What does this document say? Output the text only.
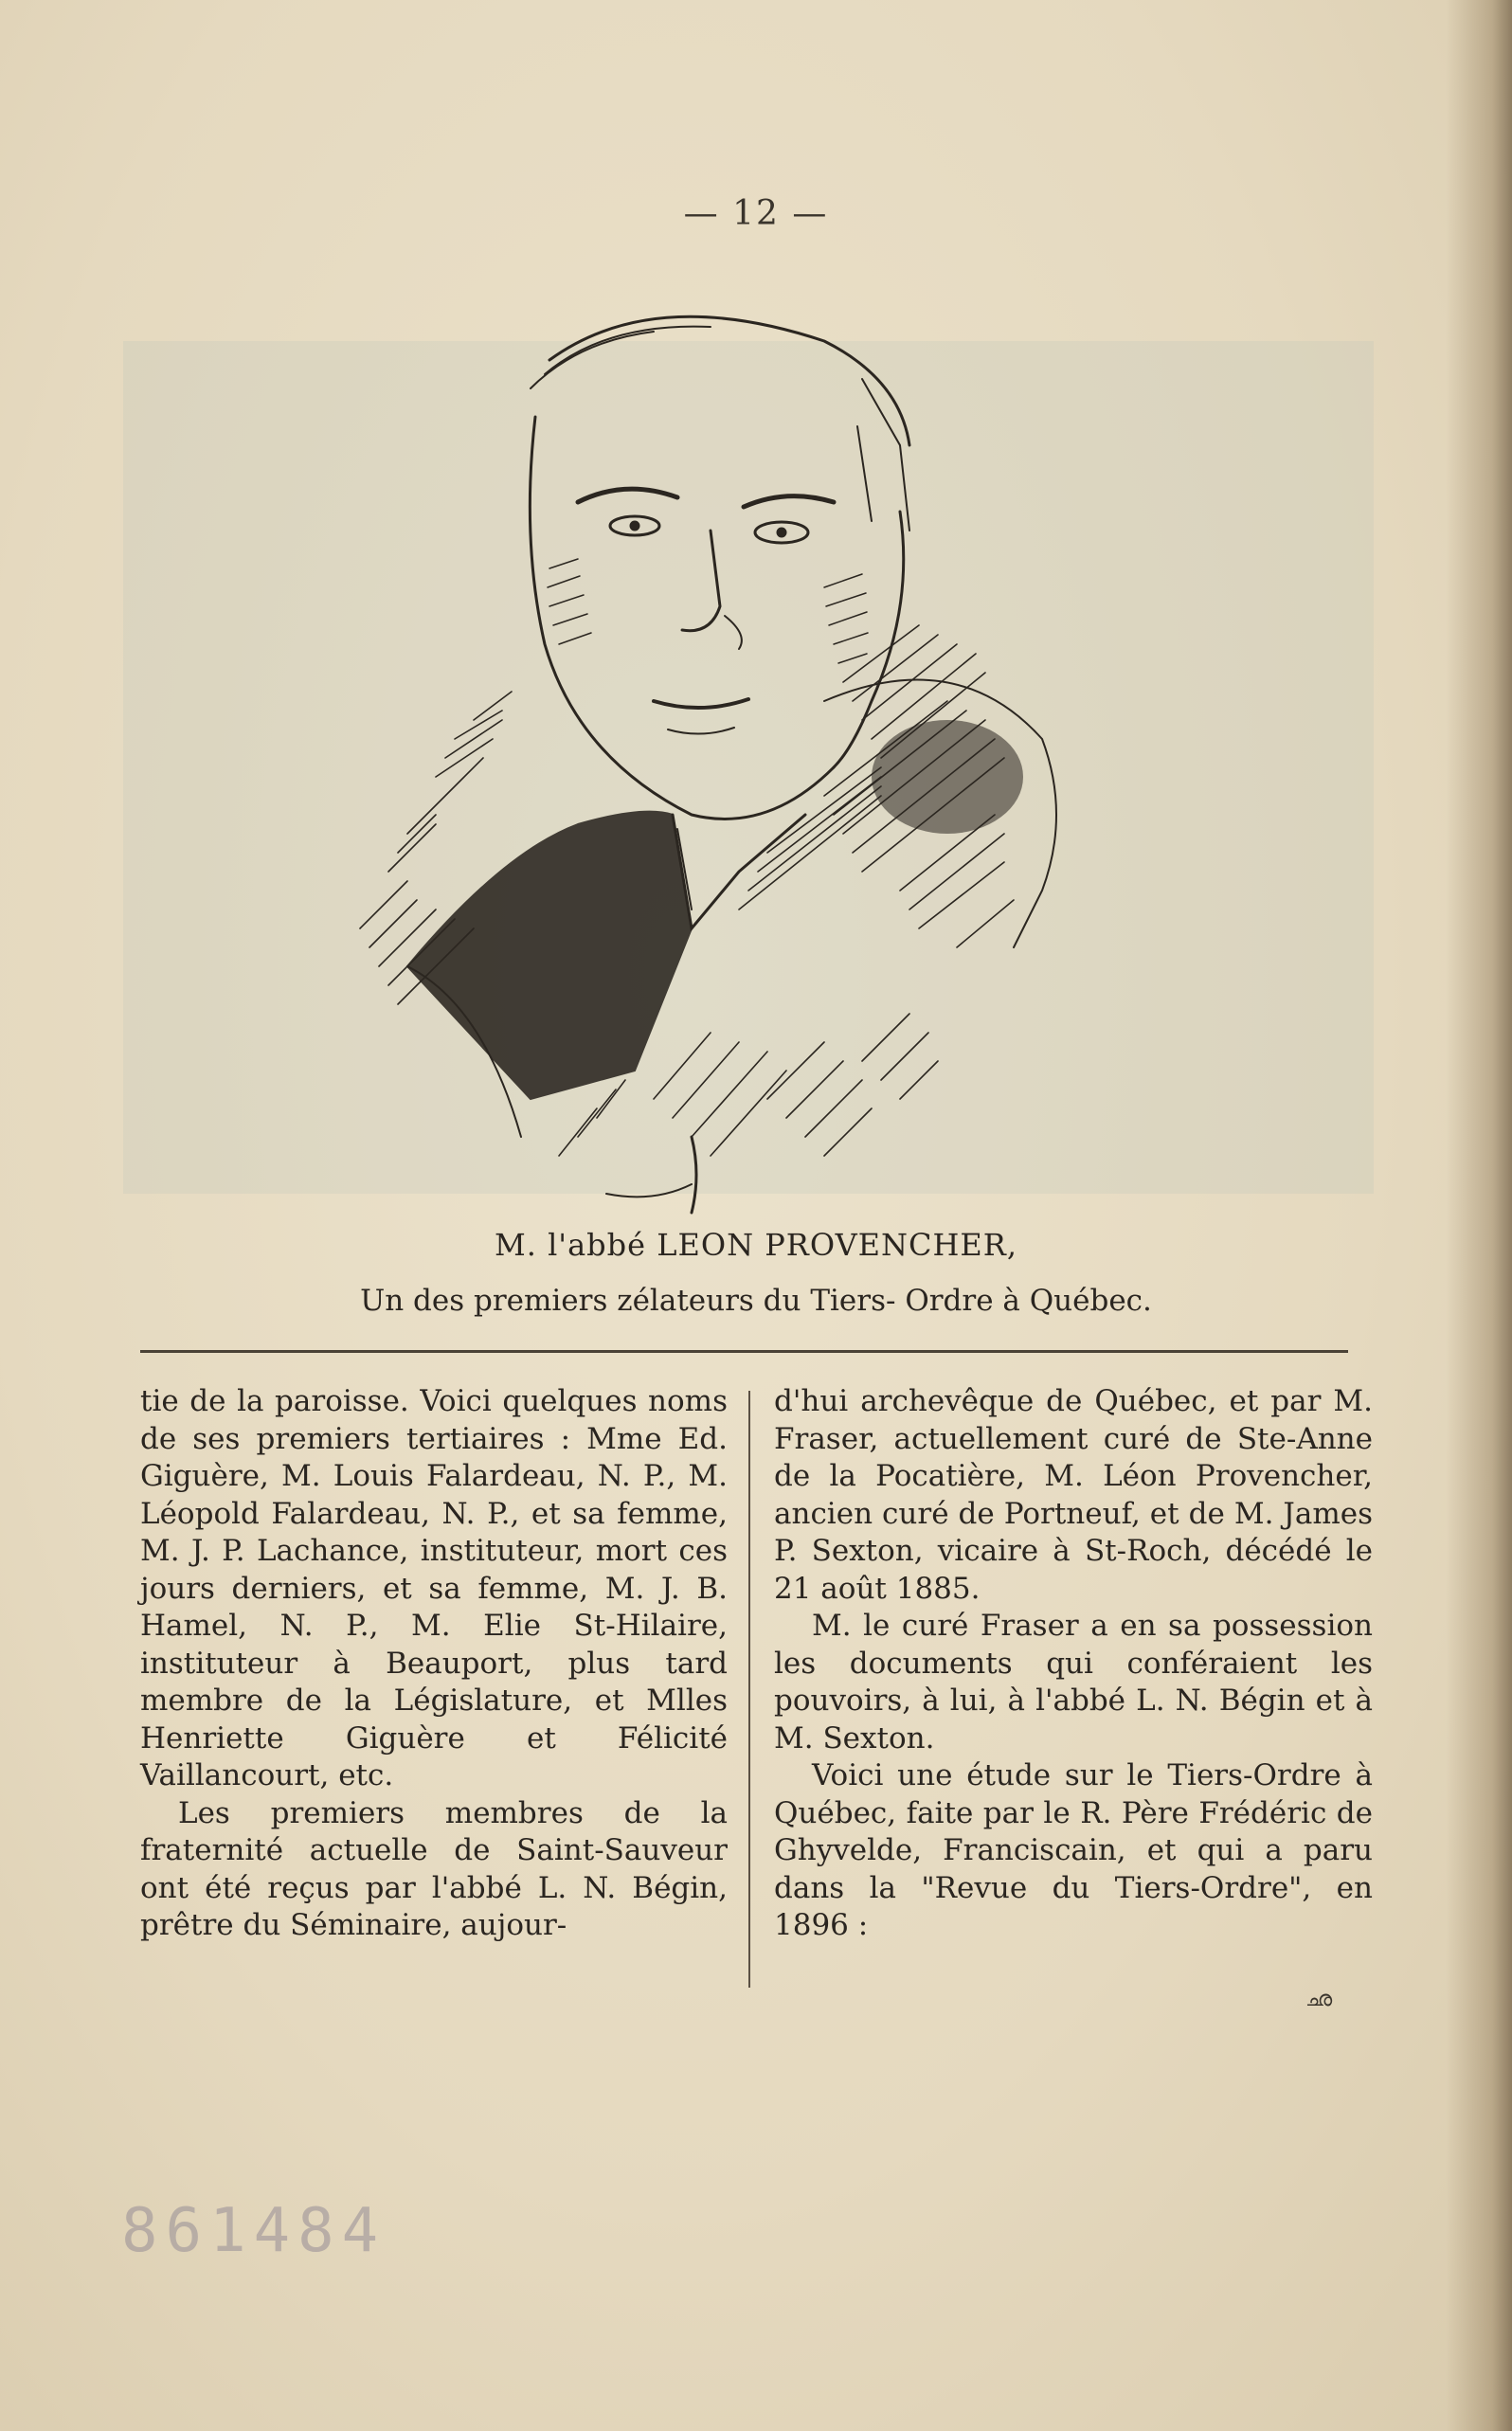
— 12 —
M. l'abbé LEON PROVENCHER,
Un des premiers zélateurs du Tiers- Ordre à Québec.

tie de la paroisse. Voici quelques noms de ses premiers tertiaires : Mme Ed. Giguère, M. Louis Falardeau, N. P., M. Léopold Falardeau, N. P., et sa femme, M. J. P. Lachance, instituteur, mort ces jours derniers, et sa femme, M. J. B. Hamel, N. P., M. Elie St-Hilaire, instituteur à Beauport, plus tard membre de la Législature, et Mlles Henriette Giguère et Félicité Vaillancourt, etc.

Les premiers membres de la fraternité actuelle de Saint-Sauveur ont été reçus par l'abbé L. N. Bégin, prêtre du Séminaire, aujour-

d'hui archevêque de Québec, et par M. Fraser, actuellement curé de Ste-Anne de la Pocatière, M. Léon Provencher, ancien curé de Portneuf, et de M. James P. Sexton, vicaire à St-Roch, décédé le 21 août 1885.

M. le curé Fraser a en sa possession les documents qui conféraient les pouvoirs, à lui, à l'abbé L. N. Bégin et à M. Sexton.

Voici une étude sur le Tiers-Ordre à Québec, faite par le R. Père Frédéric de Ghyvelde, Franciscain, et qui a paru dans la "Revue du Tiers-Ordre", en 1896 :

ഛ
861484
